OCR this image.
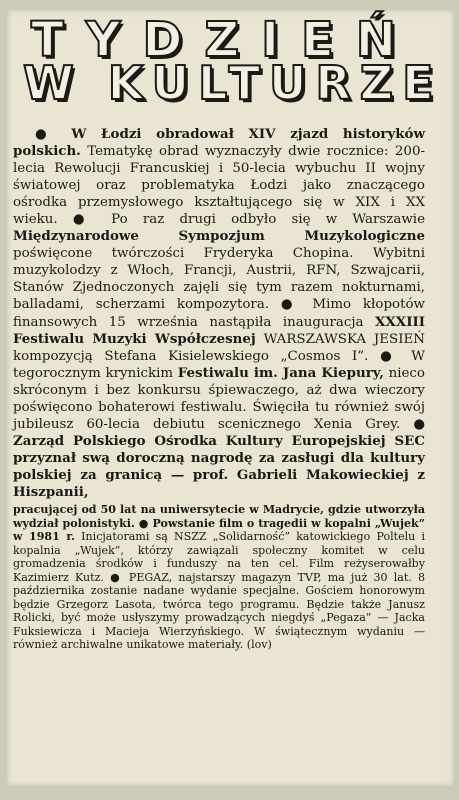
TYDZIEŃ
W KULTURZE

● W Łodzi obradował XIV zjazd historyków polskich. Tematykę obrad wyznaczyły dwie rocznice: 200-lecia Rewolucji Francuskiej i 50-lecia wybuchu II wojny światowej oraz problematyka Łodzi jako znaczącego ośrodka przemysłowego kształtującego się w XIX i XX wieku. ● Po raz drugi odbyło się w Warszawie Międzynarodowe Sympozjum Muzykologiczne poświęcone twórczości Fryderyka Chopina. Wybitni muzykolodzy z Włoch, Francji, Austrii, RFN, Szwajcarii, Stanów Zjednoczonych zajęli się tym razem nokturnami, balladami, scherzami kompozytora. ● Mimo kłopotów finansowych 15 września nastąpiła inauguracja XXXIII Festiwalu Muzyki Współczesnej WARSZAWSKA JESIEŃ kompozycją Stefana Kisielewskiego „Cosmos I”. ● W tegorocznym krynickim Festiwalu im. Jana Kiepury, nieco skróconym i bez konkursu śpiewaczego, aż dwa wieczory poświęcono bohaterowi festiwalu. Święciła tu również swój jubileusz 60-lecia debiutu scenicznego Xenia Grey. ● Zarząd Polskiego Ośrodka Kultury Europejskiej SEC przyznał swą doroczną nagrodę za zasługi dla kultury polskiej za granicą — prof. Gabrieli Makowieckiej z Hiszpanii,

pracującej od 50 lat na uniwersytecie w Madrycie, gdzie utworzyła wydział polonistyki. ● Powstanie film o tragedii w kopalni „Wujek” w 1981 r. Inicjatorami są NSZZ „Solidarność” katowickiego Poltelu i kopalnia „Wujek”, którzy zawiązali społeczny komitet w celu gromadzenia środków i funduszy na ten cel. Film reżyserowałby Kazimierz Kutz. ● PEGAZ, najstarszy magazyn TVP, ma już 30 lat. 8 października zostanie nadane wydanie specjalne. Gościem honorowym będzie Grzegorz Lasota, twórca tego programu. Będzie także Janusz Rolicki, być może usłyszymy prowadzących niegdyś „Pegaza” — Jacka Fuksiewicza i Macieja Wierzyńskiego. W świątecznym wydaniu — również archiwalne unikatowe materiały. (lov)
